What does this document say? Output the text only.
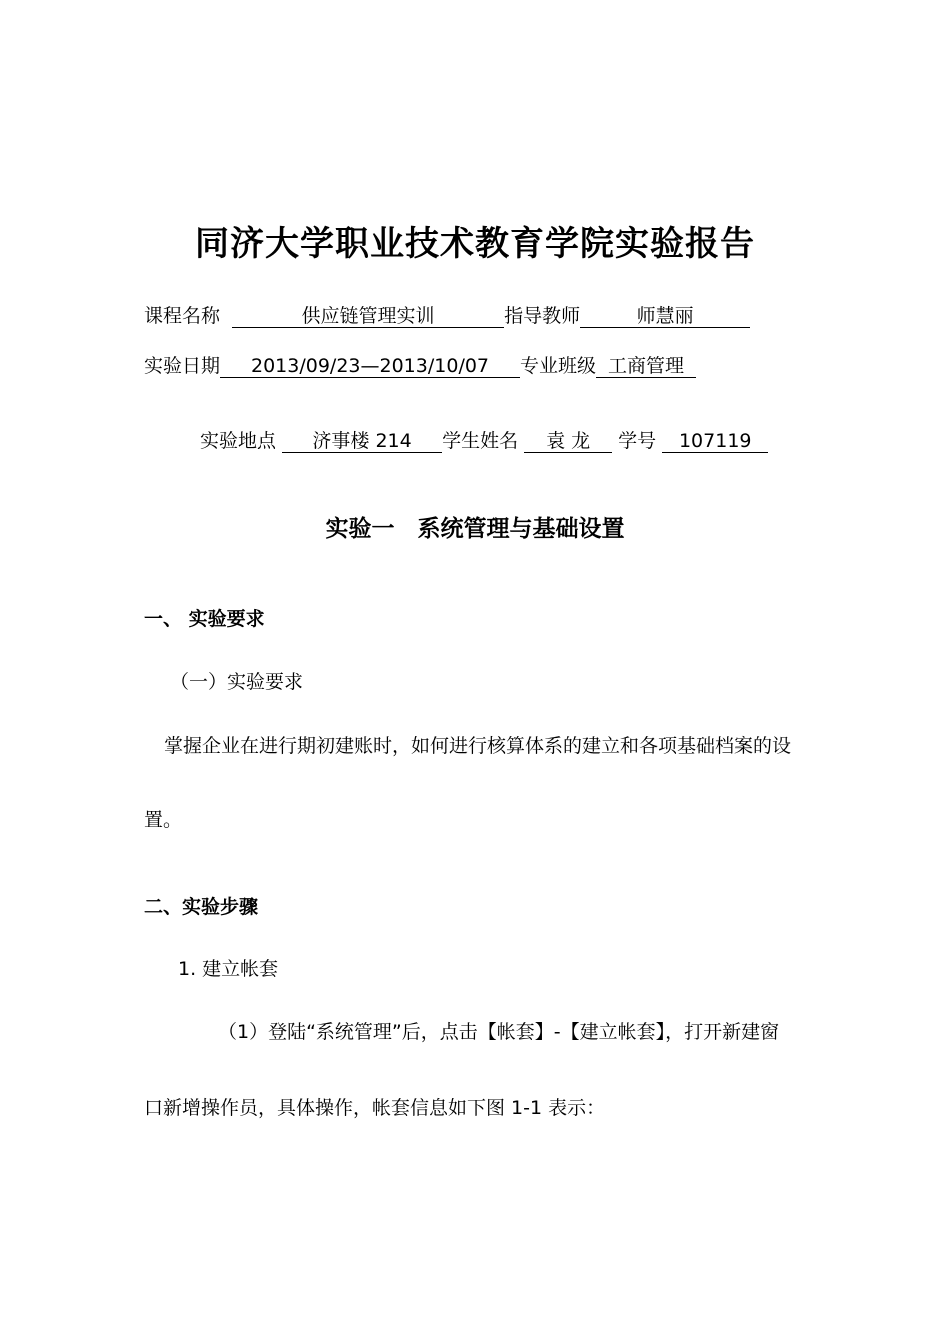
同济大学职业技术教育学院实验报告
课程名称	供应链管理实训	指导教师	师慧丽
实验日期 2013/09/23—2013/10/07 专业班级 工商管理
实验地点 济事楼 214 学生姓名 袁 龙 学号 107119
实验一　系统管理与基础设置
一、 实验要求
（一）实验要求
掌握企业在进行期初建账时，如何进行核算体系的建立和各项基础档案的设
置。
二、实验步骤
1. 建立帐套
（1）登陆“系统管理”后，点击【帐套】-【建立帐套】，打开新建窗
口新增操作员，具体操作，帐套信息如下图 1-1 表示：
